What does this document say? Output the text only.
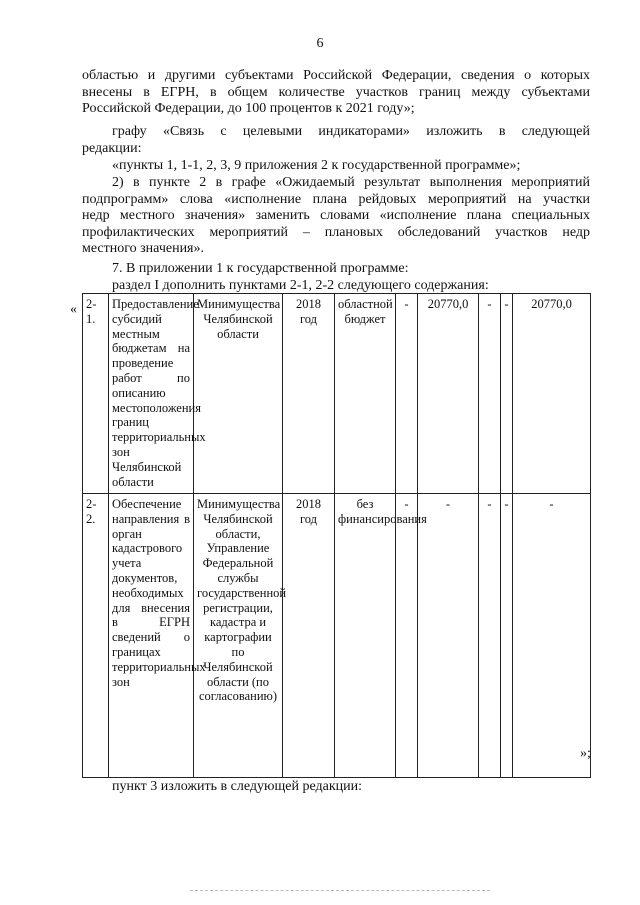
6
областью и другими субъектами Российской Федерации, сведения о которых
внесены в ЕГРН, в общем количестве участков границ между субъектами
Российской Федерации, до 100 процентов к 2021 году»;
графу «Связь с целевыми индикаторами» изложить в следующей
редакции:
«пункты 1, 1-1, 2, 3, 9 приложения 2 к государственной программе»;
2) в пункте 2 в графе «Ожидаемый результат выполнения мероприятий
подпрограмм» слова «исполнение плана рейдовых мероприятий на участки
недр местного значения» заменить словами «исполнение плана специальных
профилактических мероприятий – плановых обследований участков недр
местного значения».
7. В приложении 1 к государственной программе:
раздел I дополнить пунктами 2-1, 2-2 следующего содержания:
« 2-1.	Предоставление субсидий местным бюджетам на проведение работ по описанию местоположения границ территориальных зон Челябинской области	Минимущества Челябинской области	2018 год	областной бюджет	-	20770,0	-	-	20770,0
2-2.	Обеспечение направления в орган кадастрового учета документов, необходимых для внесения в ЕГРН сведений о границах территориальных зон	Минимущества Челябинской области, Управление Федеральной службы государственной регистрации, кадастра и картографии по Челябинской области (по согласованию)	2018 год	без финансирования	-	-	-	-	-
»;
пункт 3 изложить в следующей редакции:
